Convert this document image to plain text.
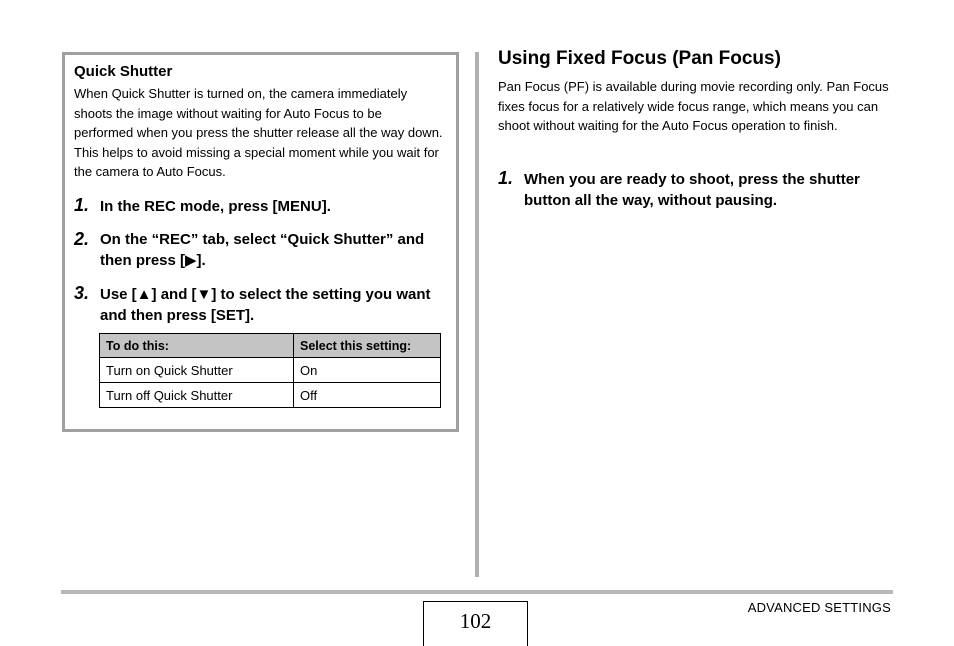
Quick Shutter
When Quick Shutter is turned on, the camera immediately shoots the image without waiting for Auto Focus to be performed when you press the shutter release all the way down. This helps to avoid missing a special moment while you wait for the camera to Auto Focus.
1. In the REC mode, press [MENU].
2. On the “REC” tab, select “Quick Shutter” and then press [▶].
3. Use [▲] and [▼] to select the setting you want and then press [SET].
To do this:	Select this setting:
Turn on Quick Shutter	On
Turn off Quick Shutter	Off
Using Fixed Focus (Pan Focus)
Pan Focus (PF) is available during movie recording only. Pan Focus fixes focus for a relatively wide focus range, which means you can shoot without waiting for the Auto Focus operation to finish.
1. When you are ready to shoot, press the shutter button all the way, without pausing.
102
ADVANCED SETTINGS
